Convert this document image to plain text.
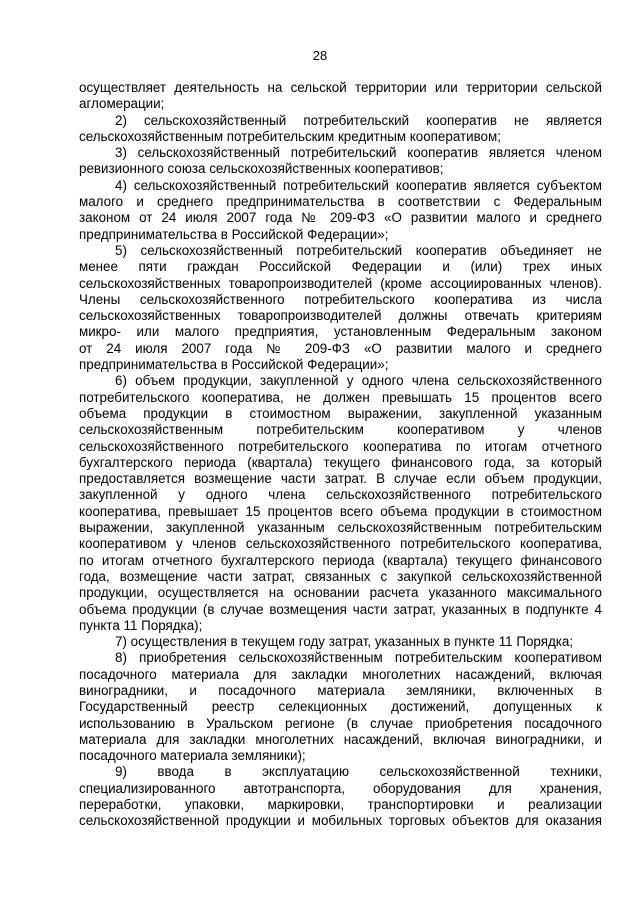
28
осуществляет деятельность на сельской территории или территории сельской
агломерации;
2) сельскохозяйственный потребительский кооператив не является
сельскохозяйственным потребительским кредитным кооперативом;
3) сельскохозяйственный потребительский кооператив является членом
ревизионного союза сельскохозяйственных кооперативов;
4) сельскохозяйственный потребительский кооператив является субъектом
малого и среднего предпринимательства в соответствии с Федеральным
законом от 24 июля 2007 года № 209-ФЗ «О развитии малого и среднего
предпринимательства в Российской Федерации»;
5) сельскохозяйственный потребительский кооператив объединяет не
менее пяти граждан Российской Федерации и (или) трех иных
сельскохозяйственных товаропроизводителей (кроме ассоциированных членов).
Члены сельскохозяйственного потребительского кооператива из числа
сельскохозяйственных товаропроизводителей должны отвечать критериям
микро- или малого предприятия, установленным Федеральным законом
от 24 июля 2007 года № 209-ФЗ «О развитии малого и среднего
предпринимательства в Российской Федерации»;
6) объем продукции, закупленной у одного члена сельскохозяйственного
потребительского кооператива, не должен превышать 15 процентов всего
объема продукции в стоимостном выражении, закупленной указанным
сельскохозяйственным потребительским кооперативом у членов
сельскохозяйственного потребительского кооператива по итогам отчетного
бухгалтерского периода (квартала) текущего финансового года, за который
предоставляется возмещение части затрат. В случае если объем продукции,
закупленной у одного члена сельскохозяйственного потребительского
кооператива, превышает 15 процентов всего объема продукции в стоимостном
выражении, закупленной указанным сельскохозяйственным потребительским
кооперативом у членов сельскохозяйственного потребительского кооператива,
по итогам отчетного бухгалтерского периода (квартала) текущего финансового
года, возмещение части затрат, связанных с закупкой сельскохозяйственной
продукции, осуществляется на основании расчета указанного максимального
объема продукции (в случае возмещения части затрат, указанных в подпункте 4
пункта 11 Порядка);
7) осуществления в текущем году затрат, указанных в пункте 11 Порядка;
8) приобретения сельскохозяйственным потребительским кооперативом
посадочного материала для закладки многолетних насаждений, включая
виноградники, и посадочного материала земляники, включенных в
Государственный реестр селекционных достижений, допущенных к
использованию в Уральском регионе (в случае приобретения посадочного
материала для закладки многолетних насаждений, включая виноградники, и
посадочного материала земляники);
9) ввода в эксплуатацию сельскохозяйственной техники,
специализированного автотранспорта, оборудования для хранения,
переработки, упаковки, маркировки, транспортировки и реализации
сельскохозяйственной продукции и мобильных торговых объектов для оказания
